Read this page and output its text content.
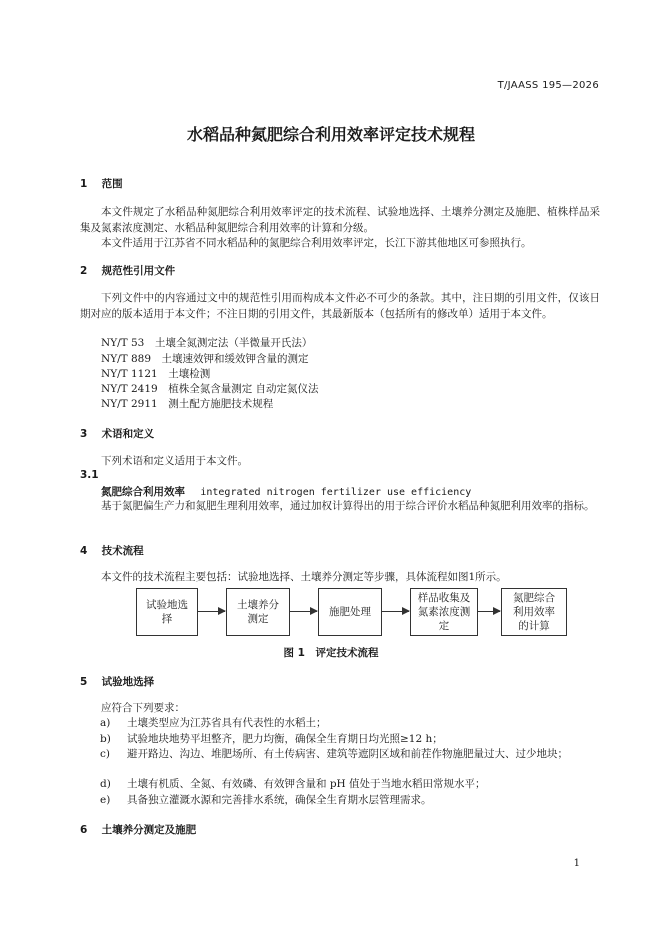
T/JAASS 195—2026
水稻品种氮肥综合利用效率评定技术规程
1 范围
本文件规定了水稻品种氮肥综合利用效率评定的技术流程、试验地选择、土壤养分测定及施肥、植株样品采集及氮素浓度测定、水稻品种氮肥综合利用效率的计算和分级。
本文件适用于江苏省不同水稻品种的氮肥综合利用效率评定，长江下游其他地区可参照执行。
2 规范性引用文件
下列文件中的内容通过文中的规范性引用而构成本文件必不可少的条款。其中，注日期的引用文件，仅该日期对应的版本适用于本文件；不注日期的引用文件，其最新版本（包括所有的修改单）适用于本文件。
NY/T 53　土壤全氮测定法（半微量开氏法）
NY/T 889　土壤速效钾和缓效钾含量的测定
NY/T 1121　土壤检测
NY/T 2419　植株全氮含量测定 自动定氮仪法
NY/T 2911　测土配方施肥技术规程
3 术语和定义
下列术语和定义适用于本文件。
3.1
氮肥综合利用效率 integrated nitrogen fertilizer use efficiency
基于氮肥偏生产力和氮肥生理利用效率，通过加权计算得出的用于综合评价水稻品种氮肥利用效率的指标。
4 技术流程
本文件的技术流程主要包括：试验地选择、土壤养分测定等步骤，具体流程如图1所示。
试验地选择
土壤养分测定
施肥处理
样品收集及氮素浓度测定
氮肥综合利用效率的计算
图 1　评定技术流程
5 试验地选择
应符合下列要求：
a) 土壤类型应为江苏省具有代表性的水稻土；
b) 试验地块地势平坦整齐，肥力均衡，确保全生育期日均光照≥12 h；
c)	避开路边、沟边、堆肥场所、有土传病害、建筑等遮阴区域和前茬作物施肥量过大、过少地块；
d) 土壤有机质、全氮、有效磷、有效钾含量和 pH 值处于当地水稻田常规水平；
e) 具备独立灌溉水源和完善排水系统，确保全生育期水层管理需求。
6 土壤养分测定及施肥
1
